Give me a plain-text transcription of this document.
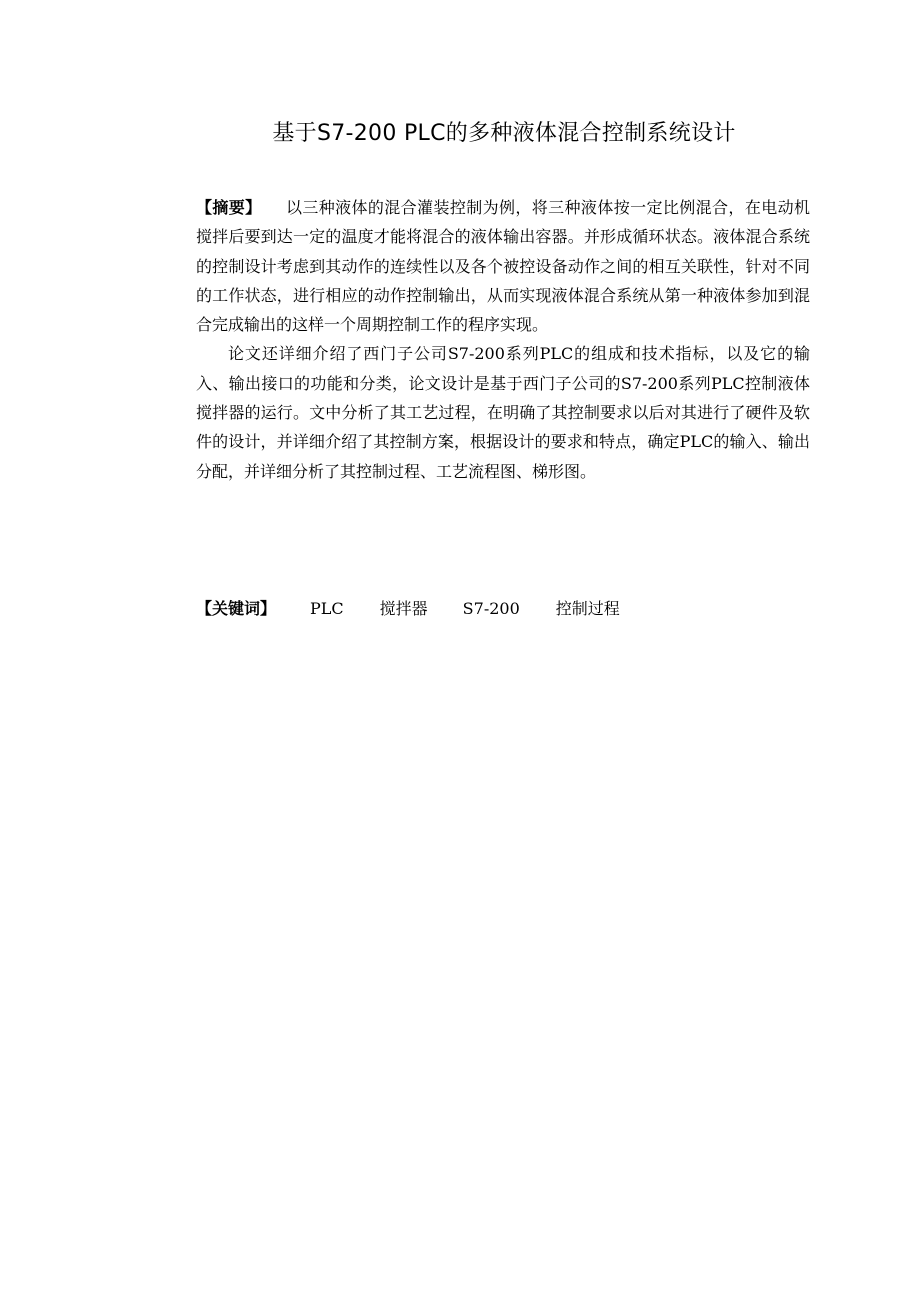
基于S7-200 PLC的多种液体混合控制系统设计

【摘要】 以三种液体的混合灌装控制为例，将三种液体按一定比例混合，在电动机搅拌后要到达一定的温度才能将混合的液体输出容器。并形成循环状态。液体混合系统的控制设计考虑到其动作的连续性以及各个被控设备动作之间的相互关联性，针对不同的工作状态，进行相应的动作控制输出，从而实现液体混合系统从第一种液体参加到混合完成输出的这样一个周期控制工作的程序实现。

论文还详细介绍了西门子公司S7-200系列PLC的组成和技术指标，以及它的输入、输出接口的功能和分类，论文设计是基于西门子公司的S7-200系列PLC控制液体搅拌器的运行。文中分析了其工艺过程，在明确了其控制要求以后对其进行了硬件及软件的设计，并详细介绍了其控制方案，根据设计的要求和特点，确定PLC的输入、输出分配，并详细分析了其控制过程、工艺流程图、梯形图。

【关键词】 PLC 搅拌器 S7-200 控制过程
